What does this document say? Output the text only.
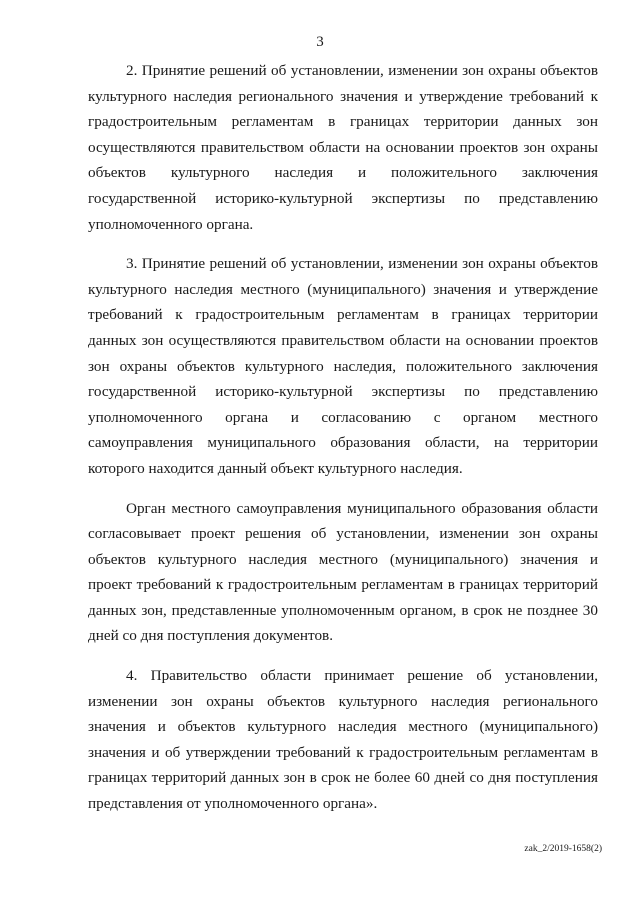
3

2. Принятие решений об установлении, изменении зон охраны объектов
культурного наследия регионального значения и утверждение требований к
градостроительным регламентам в границах территории данных зон
осуществляются правительством области на основании проектов зон охраны
объектов культурного наследия и положительного заключения
государственной историко-культурной экспертизы по представлению
уполномоченного органа.

3. Принятие решений об установлении, изменении зон охраны объектов
культурного наследия местного (муниципального) значения и утверждение
требований к градостроительным регламентам в границах территории
данных зон осуществляются правительством области на основании проектов
зон охраны объектов культурного наследия, положительного заключения
государственной историко-культурной экспертизы по представлению
уполномоченного органа и согласованию с органом местного
самоуправления муниципального образования области, на территории
которого находится данный объект культурного наследия.

Орган местного самоуправления муниципального образования области
согласовывает проект решения об установлении, изменении зон охраны
объектов культурного наследия местного (муниципального) значения и
проект требований к градостроительным регламентам в границах территорий
данных зон, представленные уполномоченным органом, в срок не позднее 30
дней со дня поступления документов.

4. Правительство области принимает решение об установлении,
изменении зон охраны объектов культурного наследия регионального
значения и объектов культурного наследия местного (муниципального)
значения и об утверждении требований к градостроительным регламентам в
границах территорий данных зон в срок не более 60 дней со дня поступления
представления от уполномоченного органа».

zak_2/2019-1658(2)
